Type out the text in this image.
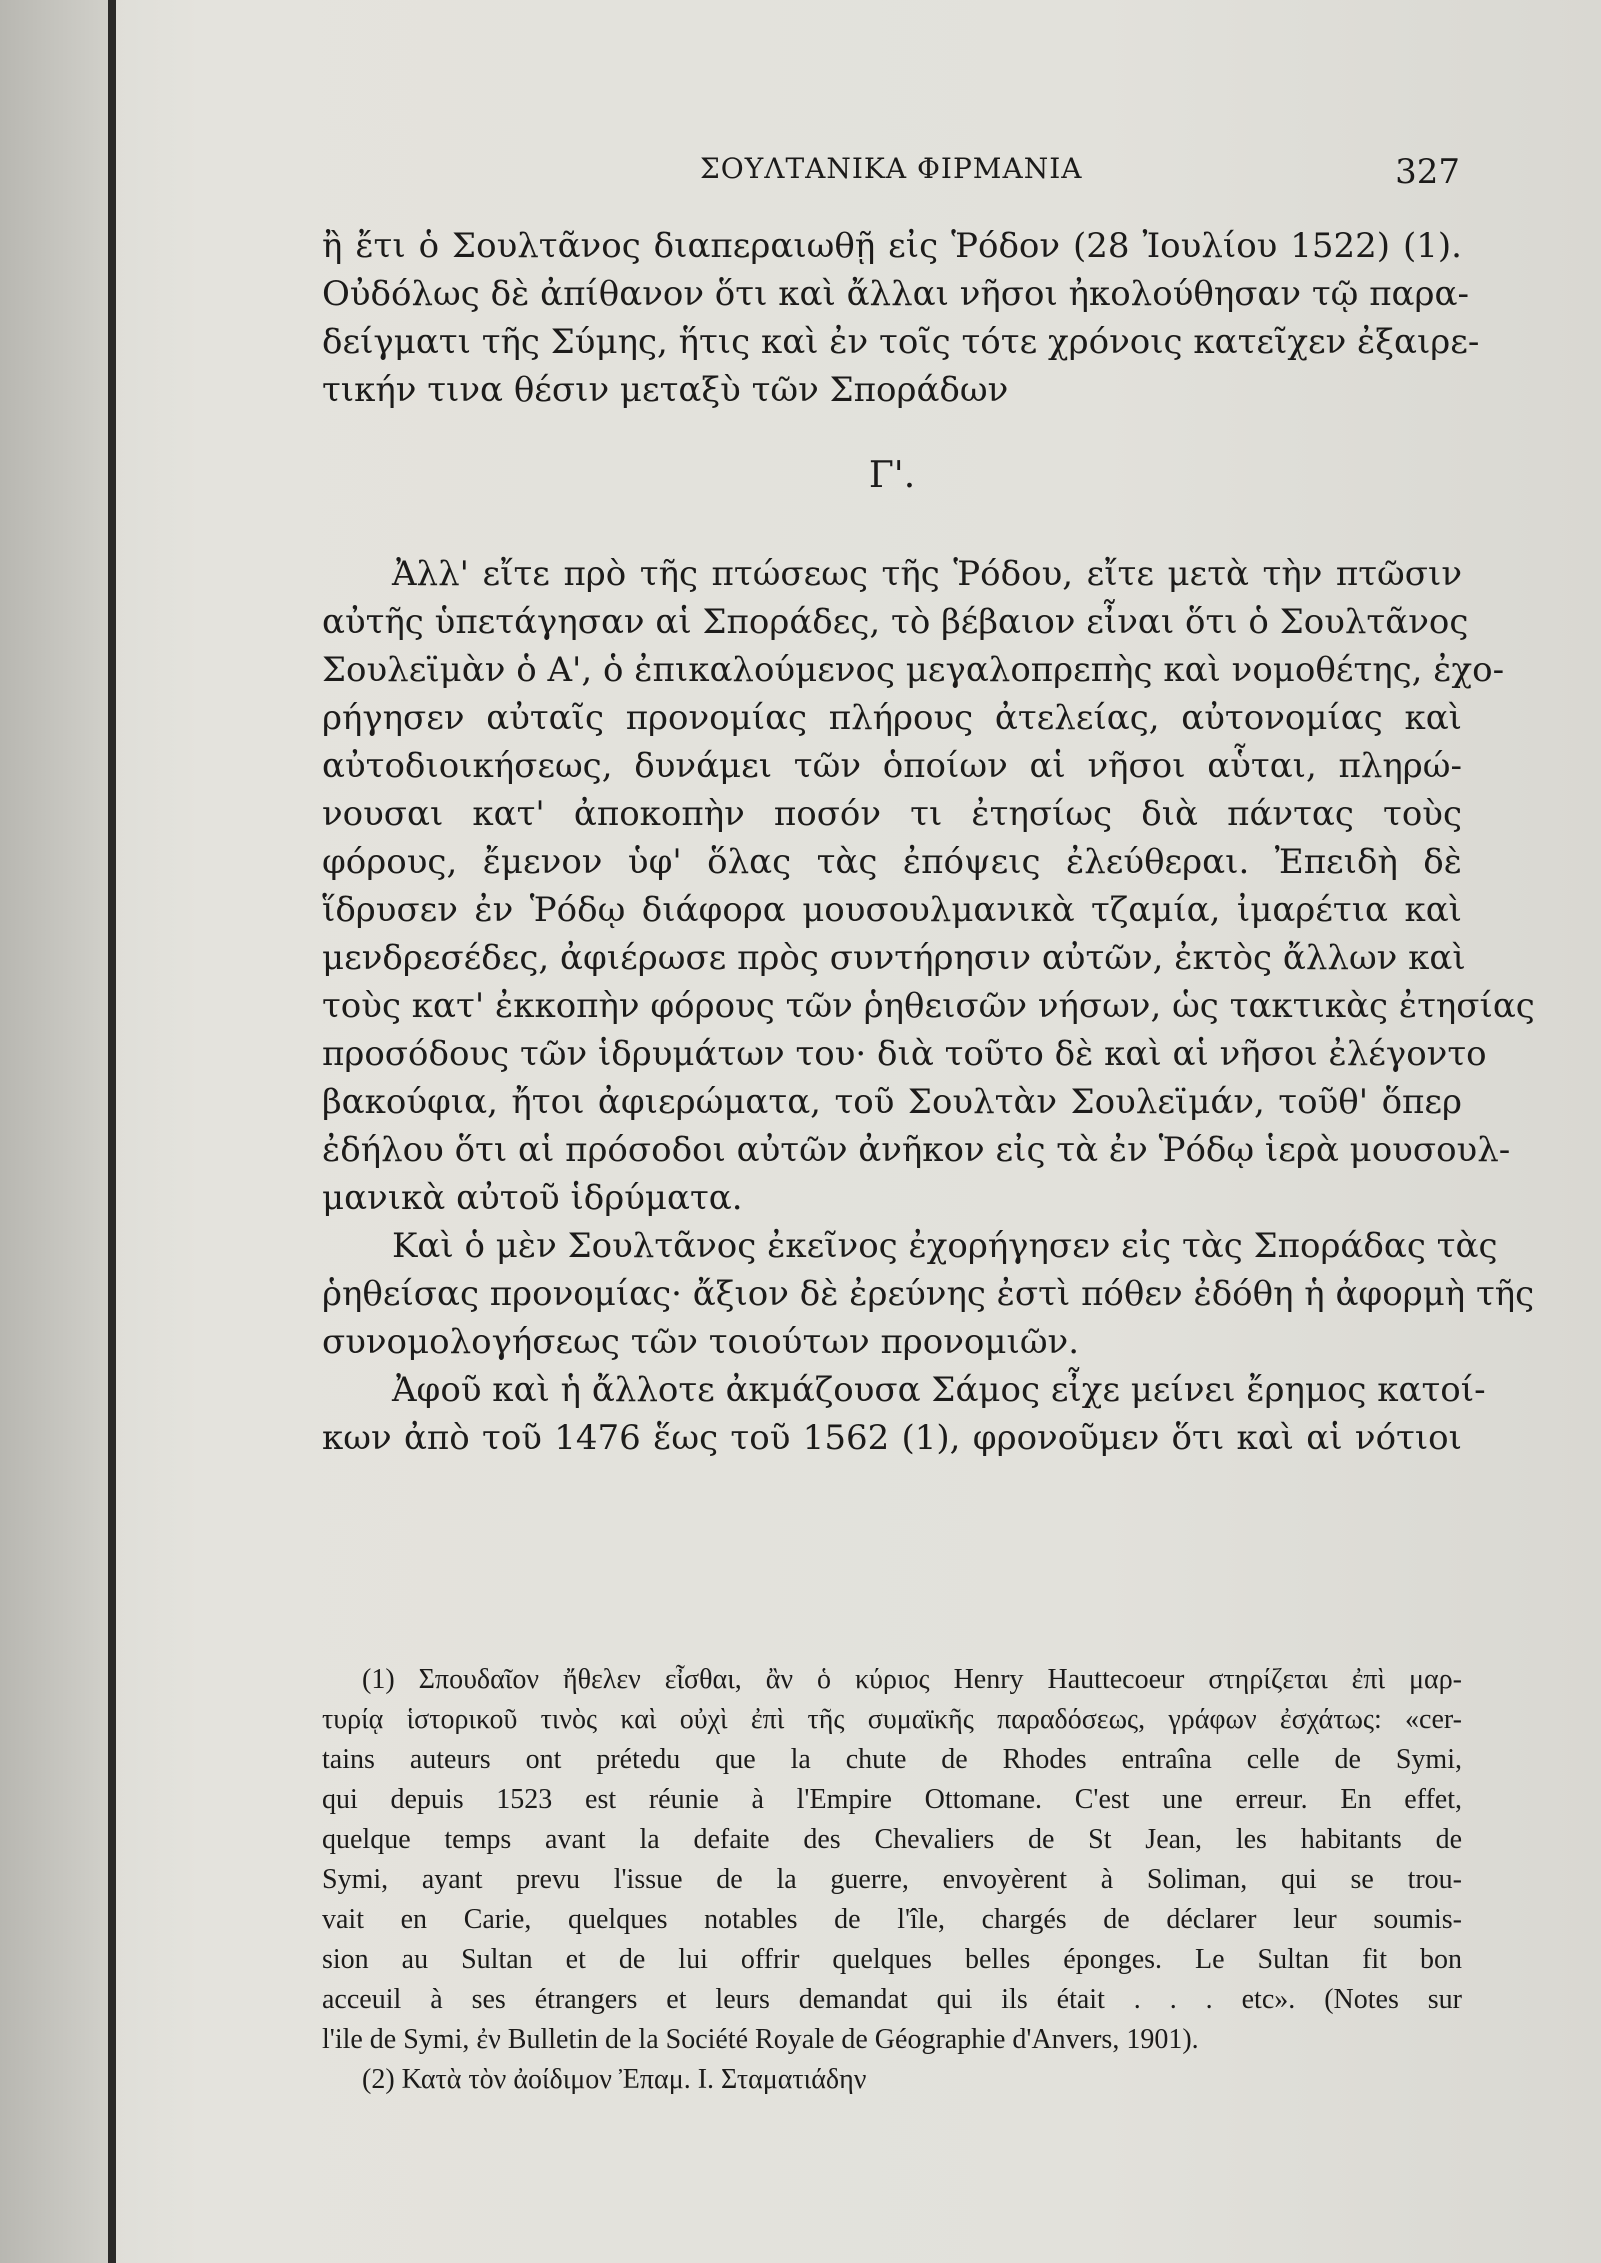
ΣΟΥΛΤΑΝΙΚΑ ΦΙΡΜΑΝΙΑ	327
ἢ ἔτι ὁ Σουλτᾶνος διαπεραιωθῇ εἰς Ῥόδον (28 Ἰουλίου 1522) (1).
Οὐδόλως δὲ ἀπίθανον ὅτι καὶ ἄλλαι νῆσοι ἠκολούθησαν τῷ παρα-
δείγματι τῆς Σύμης, ἥτις καὶ ἐν τοῖς τότε χρόνοις κατεῖχεν ἐξαιρε-
τικήν τινα θέσιν μεταξὺ τῶν Σποράδων
Γ'.
Ἀλλ' εἴτε πρὸ τῆς πτώσεως τῆς Ῥόδου, εἴτε μετὰ τὴν πτῶσιν
αὐτῆς ὑπετάγησαν αἱ Σποράδες, τὸ βέβαιον εἶναι ὅτι ὁ Σουλτᾶνος
Σουλεϊμὰν ὁ Α', ὁ ἐπικαλούμενος μεγαλοπρεπὴς καὶ νομοθέτης, ἐχο-
ρήγησεν αὐταῖς προνομίας πλήρους ἀτελείας, αὐτονομίας καὶ
αὐτοδιοικήσεως, δυνάμει τῶν ὁποίων αἱ νῆσοι αὗται, πληρώ-
νουσαι κατ' ἀποκοπὴν ποσόν τι ἐτησίως διὰ πάντας τοὺς
φόρους, ἔμενον ὑφ' ὅλας τὰς ἐπόψεις ἐλεύθεραι. Ἐπειδὴ δὲ
ἵδρυσεν ἐν Ῥόδῳ διάφορα μουσουλμανικὰ τζαμία, ἰμαρέτια καὶ
μενδρεσέδες, ἀφιέρωσε πρὸς συντήρησιν αὐτῶν, ἐκτὸς ἄλλων καὶ
τοὺς κατ' ἐκκοπὴν φόρους τῶν ῥηθεισῶν νήσων, ὡς τακτικὰς ἐτησίας
προσόδους τῶν ἱδρυμάτων του· διὰ τοῦτο δὲ καὶ αἱ νῆσοι ἐλέγοντο
βακούφια, ἤτοι ἀφιερώματα, τοῦ Σουλτὰν Σουλεϊμάν, τοῦθ' ὅπερ
ἐδήλου ὅτι αἱ πρόσοδοι αὐτῶν ἀνῆκον εἰς τὰ ἐν Ῥόδῳ ἱερὰ μουσουλ-
μανικὰ αὐτοῦ ἱδρύματα.
Καὶ ὁ μὲν Σουλτᾶνος ἐκεῖνος ἐχορήγησεν εἰς τὰς Σποράδας τὰς
ῥηθείσας προνομίας· ἄξιον δὲ ἐρεύνης ἐστὶ πόθεν ἐδόθη ἡ ἀφορμὴ τῆς
συνομολογήσεως τῶν τοιούτων προνομιῶν.
Ἀφοῦ καὶ ἡ ἄλλοτε ἀκμάζουσα Σάμος εἶχε μείνει ἔρημος κατοί-
κων ἀπὸ τοῦ 1476 ἕως τοῦ 1562 (1), φρονοῦμεν ὅτι καὶ αἱ νότιοι
(1) Σπουδαῖον ἤθελεν εἶσθαι, ἂν ὁ κύριος Henry Hauttecoeur στηρίζεται ἐπὶ μαρ-
τυρίᾳ ἱστορικοῦ τινὸς καὶ οὐχὶ ἐπὶ τῆς συμαϊκῆς παραδόσεως, γράφων ἐσχάτως: «cer-
tains auteurs ont prétedu que la chute de Rhodes entraîna celle de Symi,
qui depuis 1523 est réunie à l'Empire Ottomane. C'est une erreur. En effet,
quelque temps avant la defaite des Chevaliers de St Jean, les habitants de
Symi, ayant prevu l'issue de la guerre, envoyèrent à Soliman, qui se trou-
vait en Carie, quelques notables de l'île, chargés de déclarer leur soumis-
sion au Sultan et de lui offrir quelques belles éponges. Le Sultan fit bon
acceuil à ses étrangers et leurs demandat qui ils était . . . etc». (Notes sur
l'ile de Symi, ἐν Bulletin de la Société Royale de Géographie d'Anvers, 1901).
(2) Κατὰ τὸν ἀοίδιμον Ἐπαμ. Ι. Σταματιάδην
